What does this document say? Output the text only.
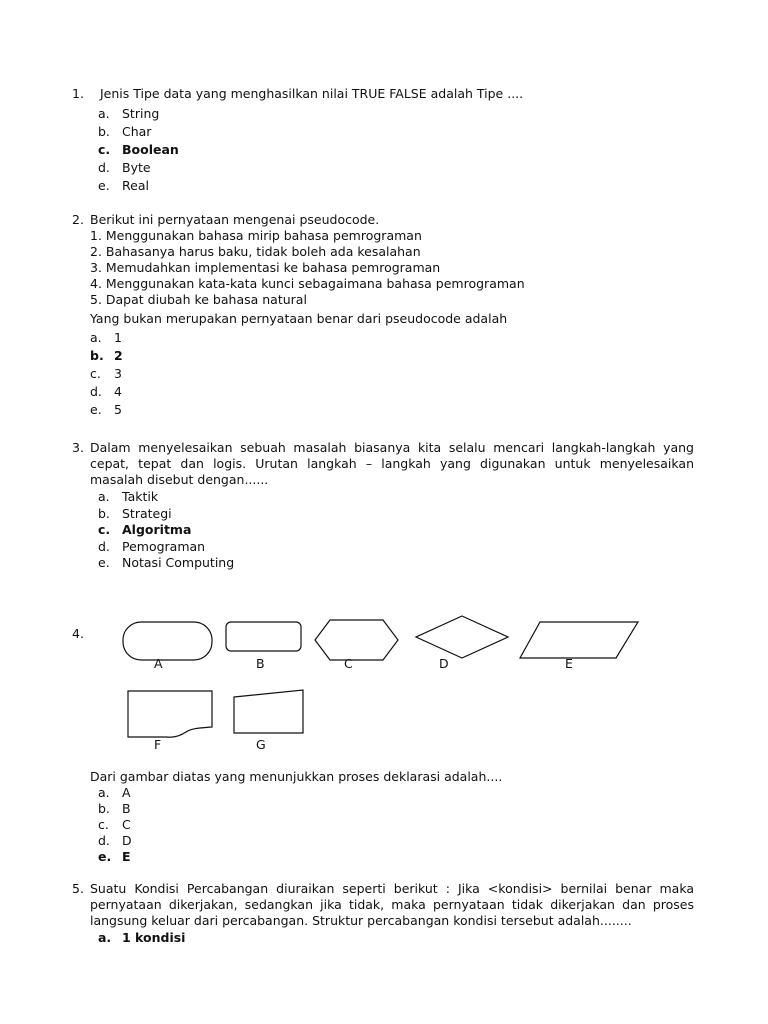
1. Jenis Tipe data yang menghasilkan nilai TRUE FALSE adalah Tipe ....
a. String
b. Char
c. Boolean
d. Byte
e. Real
2. Berikut ini pernyataan mengenai pseudocode.
1. Menggunakan bahasa mirip bahasa pemrograman
2. Bahasanya harus baku, tidak boleh ada kesalahan
3. Memudahkan implementasi ke bahasa pemrograman
4. Menggunakan kata-kata kunci sebagaimana bahasa pemrograman
5. Dapat diubah ke bahasa natural
Yang bukan merupakan pernyataan benar dari pseudocode adalah
a. 1
b. 2
c.	3
d. 4
e. 5
3. Dalam menyelesaikan sebuah masalah biasanya kita selalu mencari langkah-langkah yang cepat, tepat dan logis. Urutan langkah – langkah yang digunakan untuk menyelesaikan masalah disebut dengan......
a. Taktik
b. Strategi
c. Algoritma
d. Pemograman
e. Notasi Computing
4.
A	B	C	D	E
F	G
Dari gambar diatas yang menunjukkan proses deklarasi adalah....
a. A
b. B
c.	C
d. D
e. E
5. Suatu Kondisi Percabangan diuraikan seperti berikut : Jika <kondisi> bernilai benar maka pernyataan dikerjakan, sedangkan jika tidak, maka pernyataan tidak dikerjakan dan proses langsung keluar dari percabangan. Struktur percabangan kondisi tersebut adalah........
a. 1 kondisi
